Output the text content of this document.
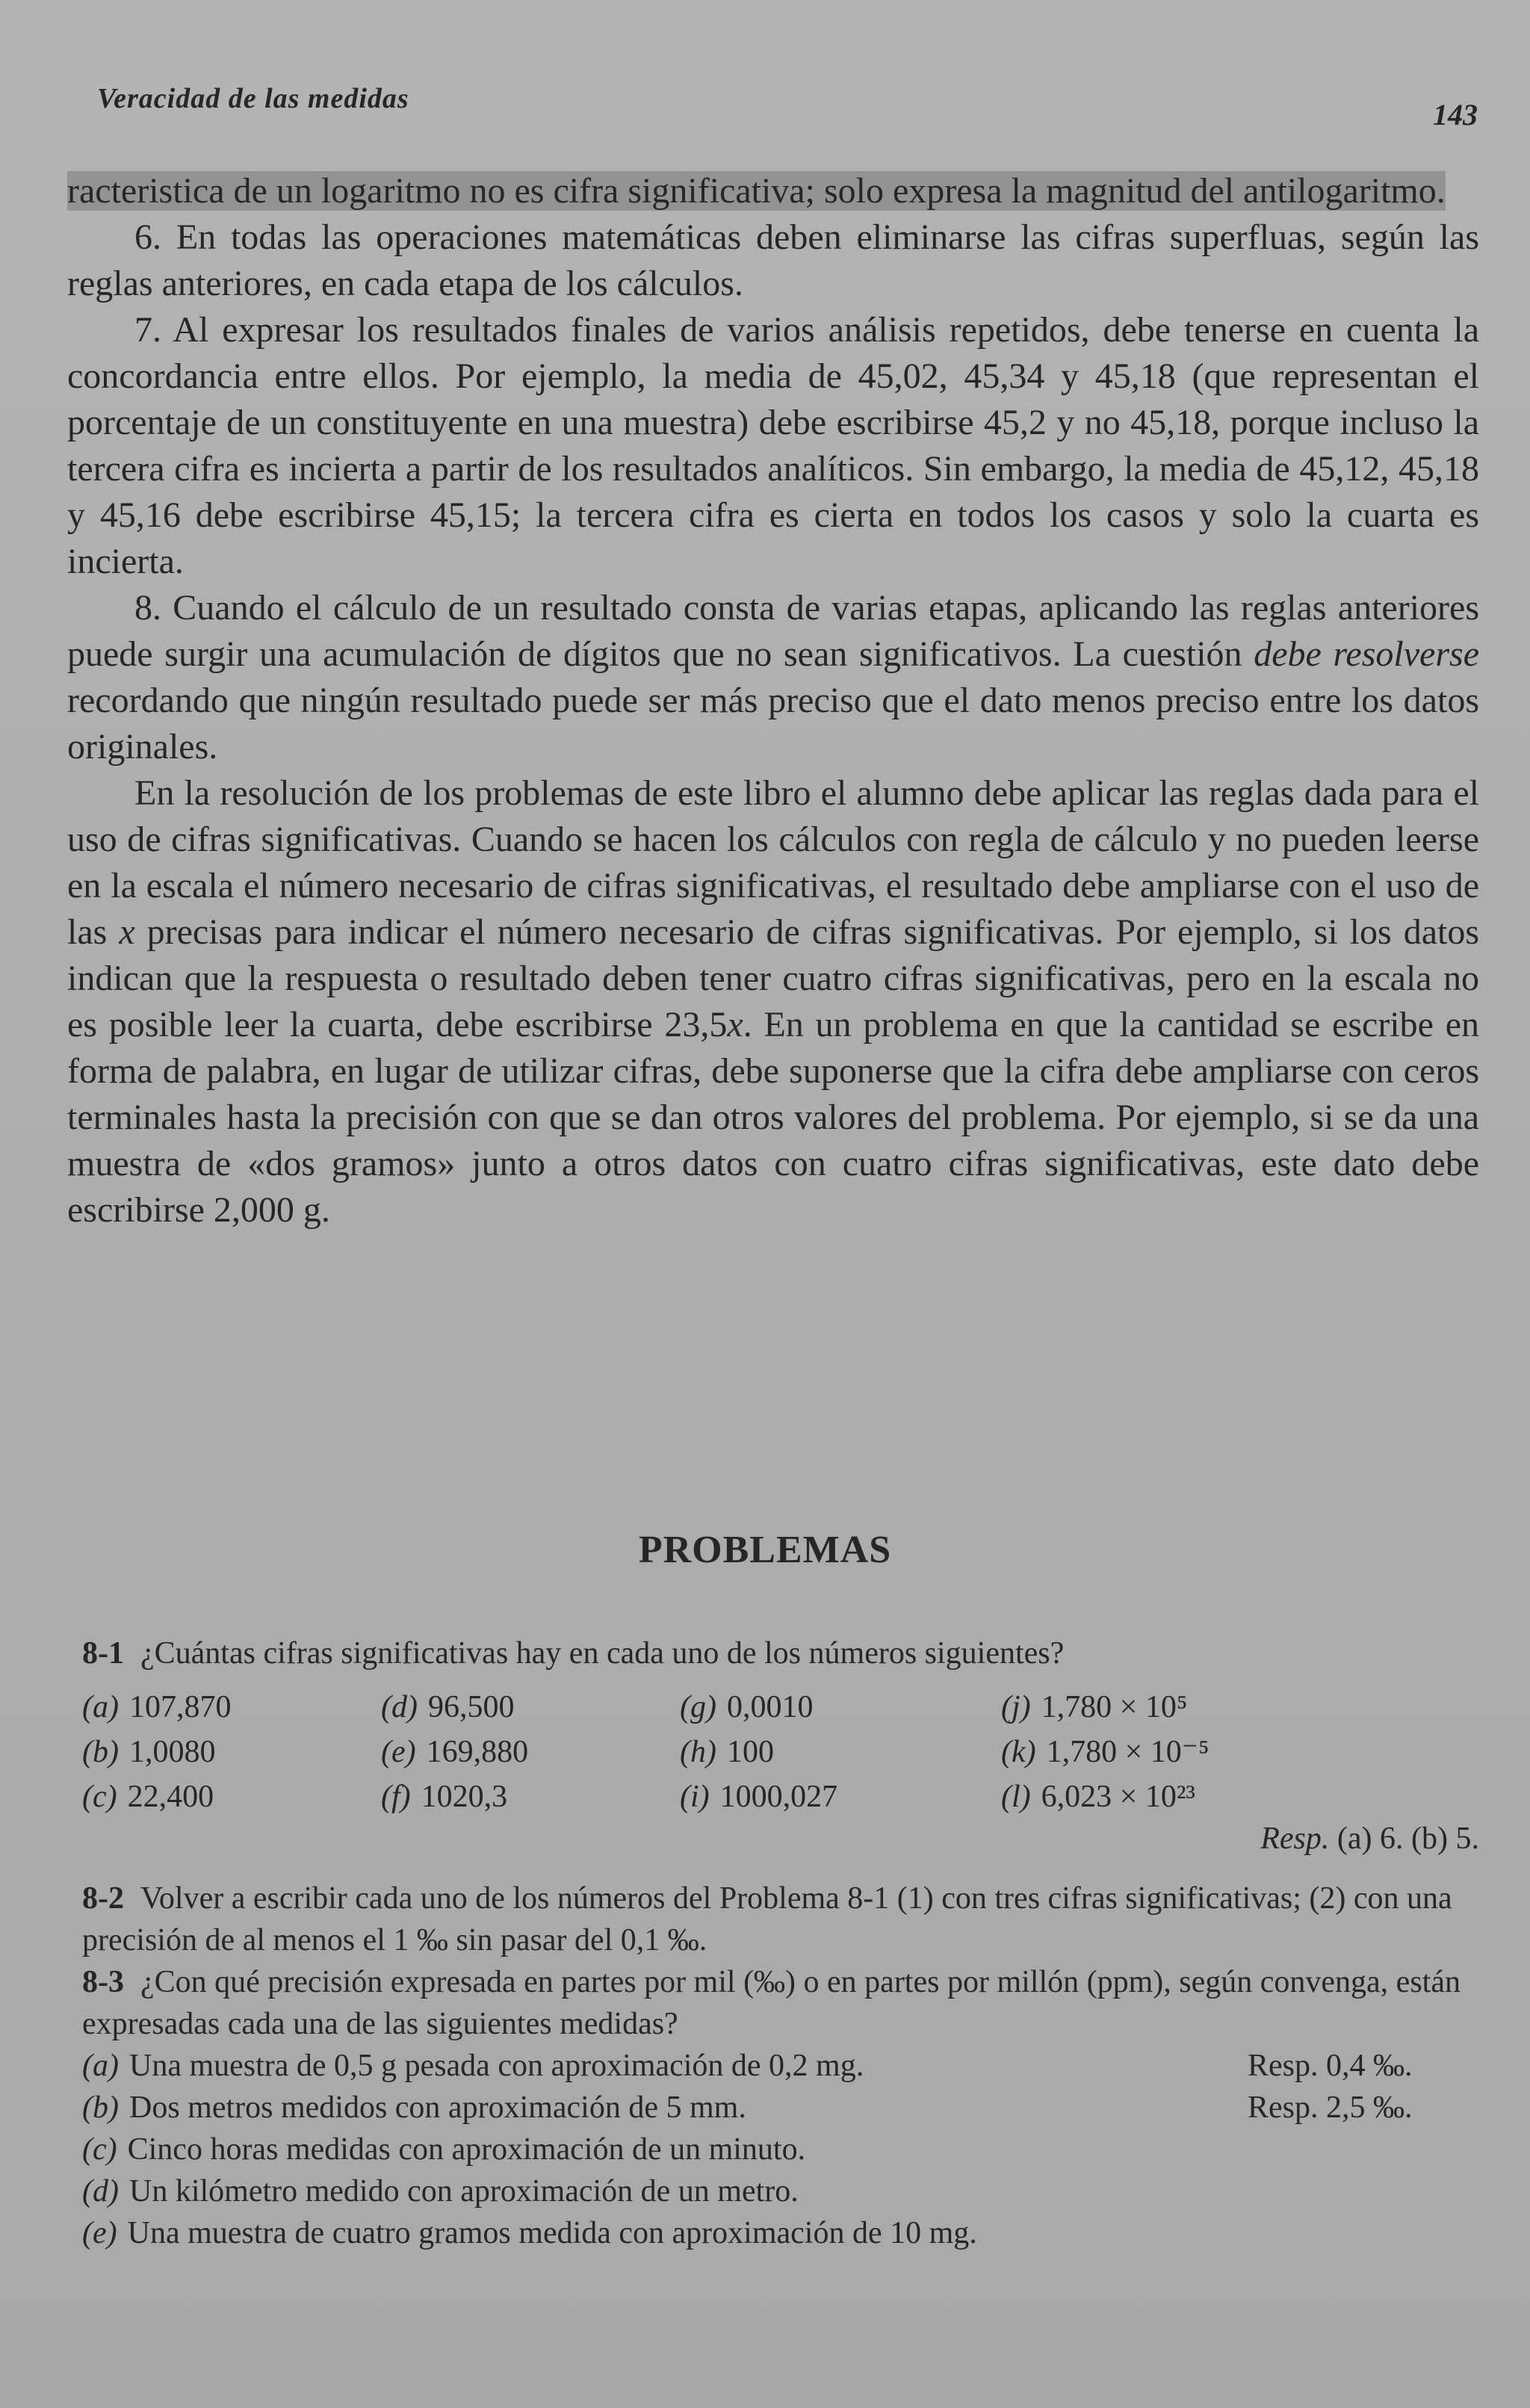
Veracidad de las medidas	143

racteristica de un logaritmo no es cifra significativa; solo expresa la magnitud del antilogaritmo.

6. En todas las operaciones matemáticas deben eliminarse las cifras superfluas, según las reglas anteriores, en cada etapa de los cálculos.

7. Al expresar los resultados finales de varios análisis repetidos, debe tenerse en cuenta la concordancia entre ellos. Por ejemplo, la media de 45,02, 45,34 y 45,18 (que representan el porcentaje de un constituyente en una muestra) debe escribirse 45,2 y no 45,18, porque incluso la tercera cifra es incierta a partir de los resultados analíticos. Sin embargo, la media de 45,12, 45,18 y 45,16 debe escribirse 45,15; la tercera cifra es cierta en todos los casos y solo la cuarta es incierta.

8. Cuando el cálculo de un resultado consta de varias etapas, aplicando las reglas anteriores puede surgir una acumulación de dígitos que no sean significativos. La cuestión debe resolverse recordando que ningún resultado puede ser más preciso que el dato menos preciso entre los datos originales.

En la resolución de los problemas de este libro el alumno debe aplicar las reglas dada para el uso de cifras significativas. Cuando se hacen los cálculos con regla de cálculo y no pueden leerse en la escala el número necesario de cifras significativas, el resultado debe ampliarse con el uso de las x precisas para indicar el número necesario de cifras significativas. Por ejemplo, si los datos indican que la respuesta o resultado deben tener cuatro cifras significativas, pero en la escala no es posible leer la cuarta, debe escribirse 23,5x. En un problema en que la cantidad se escribe en forma de palabra, en lugar de utilizar cifras, debe suponerse que la cifra debe ampliarse con ceros terminales hasta la precisión con que se dan otros valores del problema. Por ejemplo, si se da una muestra de «dos gramos» junto a otros datos con cuatro cifras significativas, este dato debe escribirse 2,000 g.

PROBLEMAS
8-1 ¿Cuántas cifras significativas hay en cada uno de los números siguientes?
(a) 107,870	(d) 96,500	(g) 0,0010	(j) 1,780 × 10⁵
(b) 1,0080	(e) 169,880	(h) 100	(k) 1,780 × 10⁻⁵
(c) 22,400	(f) 1020,3	(i) 1000,027	(l) 6,023 × 10²³
Resp. (a) 6. (b) 5.
8-2 Volver a escribir cada uno de los números del Problema 8-1 (1) con tres cifras significativas; (2) con una precisión de al menos el 1 ‰ sin pasar del 0,1 ‰.
8-3 ¿Con qué precisión expresada en partes por mil (‰) o en partes por millón (ppm), según convenga, están expresadas cada una de las siguientes medidas?
(a) Una muestra de 0,5 g pesada con aproximación de 0,2 mg.	Resp. 0,4 ‰.
(b) Dos metros medidos con aproximación de 5 mm.	Resp. 2,5 ‰.
(c) Cinco horas medidas con aproximación de un minuto.
(d) Un kilómetro medido con aproximación de un metro.
(e) Una muestra de cuatro gramos medida con aproximación de 10 mg.
